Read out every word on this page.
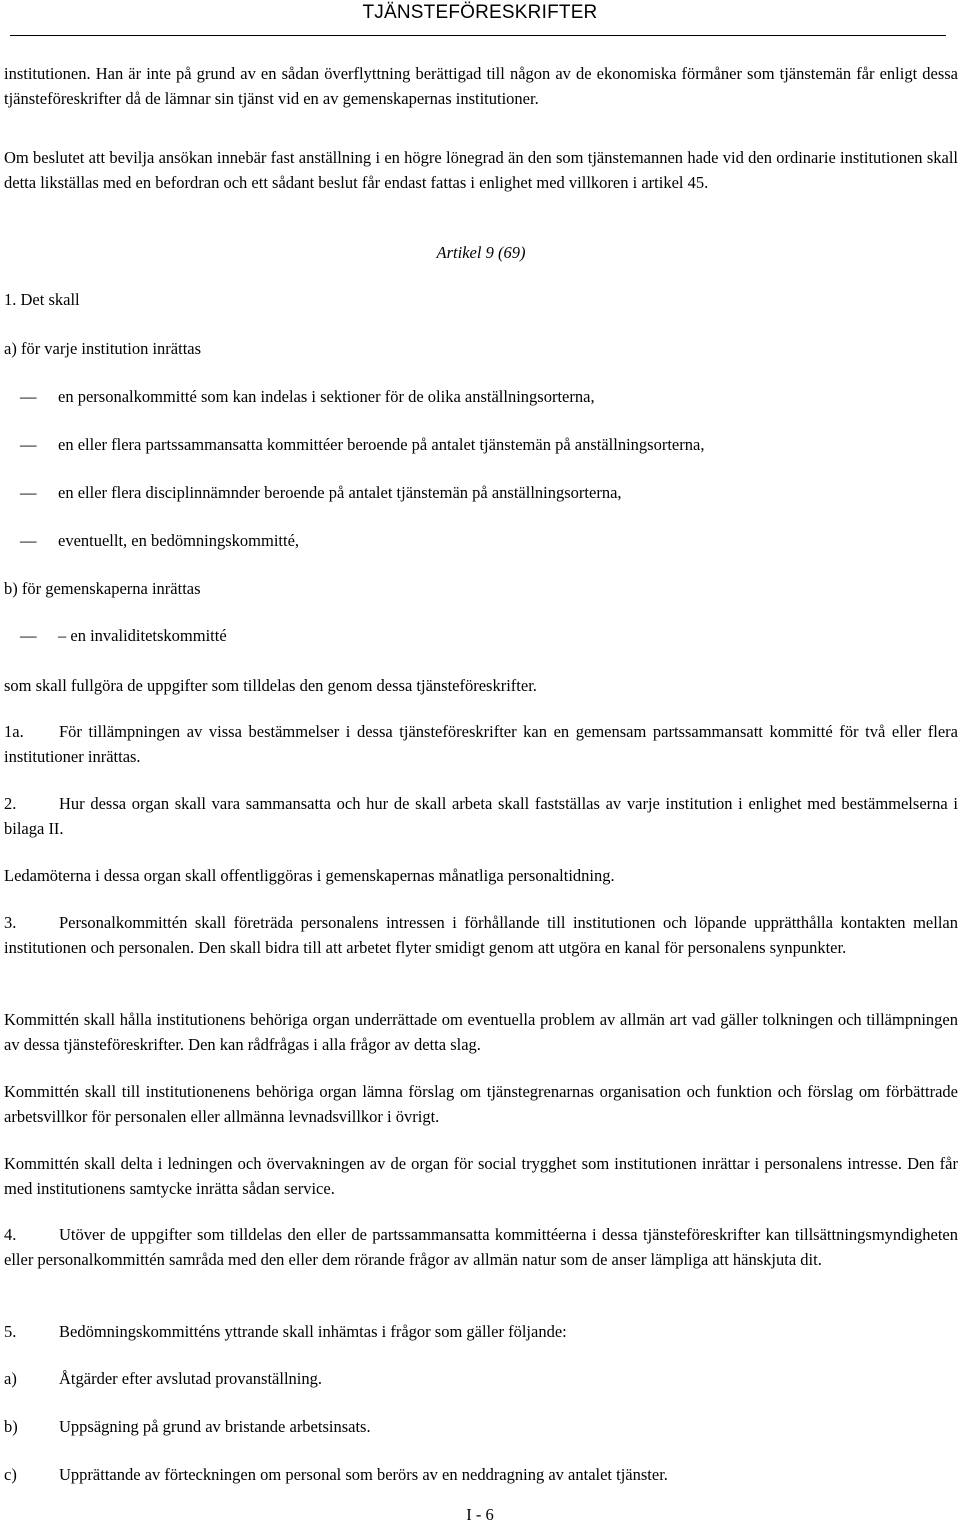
TJÄNSTEFÖRESKRIFTER
institutionen. Han är inte på grund av en sådan överflyttning berättigad till någon av de ekonomiska förmåner som tjänstemän får enligt dessa tjänsteföreskrifter då de lämnar sin tjänst vid en av gemenskapernas institutioner.
Om beslutet att bevilja ansökan innebär fast anställning i en högre lönegrad än den som tjänstemannen hade vid den ordinarie institutionen skall detta likställas med en befordran och ett sådant beslut får endast fattas i enlighet med villkoren i artikel 45.
Artikel 9 (69)
1. Det skall
a) för varje institution inrättas
— en personalkommitté som kan indelas i sektioner för de olika anställningsorterna,
— en eller flera partssammansatta kommittéer beroende på antalet tjänstemän på anställningsorterna,
— en eller flera disciplinnämnder beroende på antalet tjänstemän på anställningsorterna,
— eventuellt, en bedömningskommitté,
b) för gemenskaperna inrättas
— – en invaliditetskommitté
som skall fullgöra de uppgifter som tilldelas den genom dessa tjänsteföreskrifter.
1a. För tillämpningen av vissa bestämmelser i dessa tjänsteföreskrifter kan en gemensam partssammansatt kommitté för två eller flera institutioner inrättas.
2.	Hur dessa organ skall vara sammansatta och hur de skall arbeta skall fastställas av varje institution i enlighet med bestämmelserna i bilaga II.
Ledamöterna i dessa organ skall offentliggöras i gemenskapernas månatliga personaltidning.
3.	Personalkommittén skall företräda personalens intressen i förhållande till institutionen och löpande upprätthålla kontakten mellan institutionen och personalen. Den skall bidra till att arbetet flyter smidigt genom att utgöra en kanal för personalens synpunkter.
Kommittén skall hålla institutionens behöriga organ underrättade om eventuella problem av allmän art vad gäller tolkningen och tillämpningen av dessa tjänsteföreskrifter. Den kan rådfrågas i alla frågor av detta slag.
Kommittén skall till institutionenens behöriga organ lämna förslag om tjänstegrenarnas organisation och funktion och förslag om förbättrade arbetsvillkor för personalen eller allmänna levnadsvillkor i övrigt.
Kommittén skall delta i ledningen och övervakningen av de organ för social trygghet som institutionen inrättar i personalens intresse. Den får med institutionens samtycke inrätta sådan service.
4.	Utöver de uppgifter som tilldelas den eller de partssammansatta kommittéerna i dessa tjänsteföreskrifter kan tillsättningsmyndigheten eller personalkommittén samråda med den eller dem rörande frågor av allmän natur som de anser lämpliga att hänskjuta dit.
5.	Bedömningskommitténs yttrande skall inhämtas i frågor som gäller följande:
a)	Åtgärder efter avslutad provanställning.
b)	Uppsägning på grund av bristande arbetsinsats.
c)	Upprättande av förteckningen om personal som berörs av en neddragning av antalet tjänster.
I - 6
